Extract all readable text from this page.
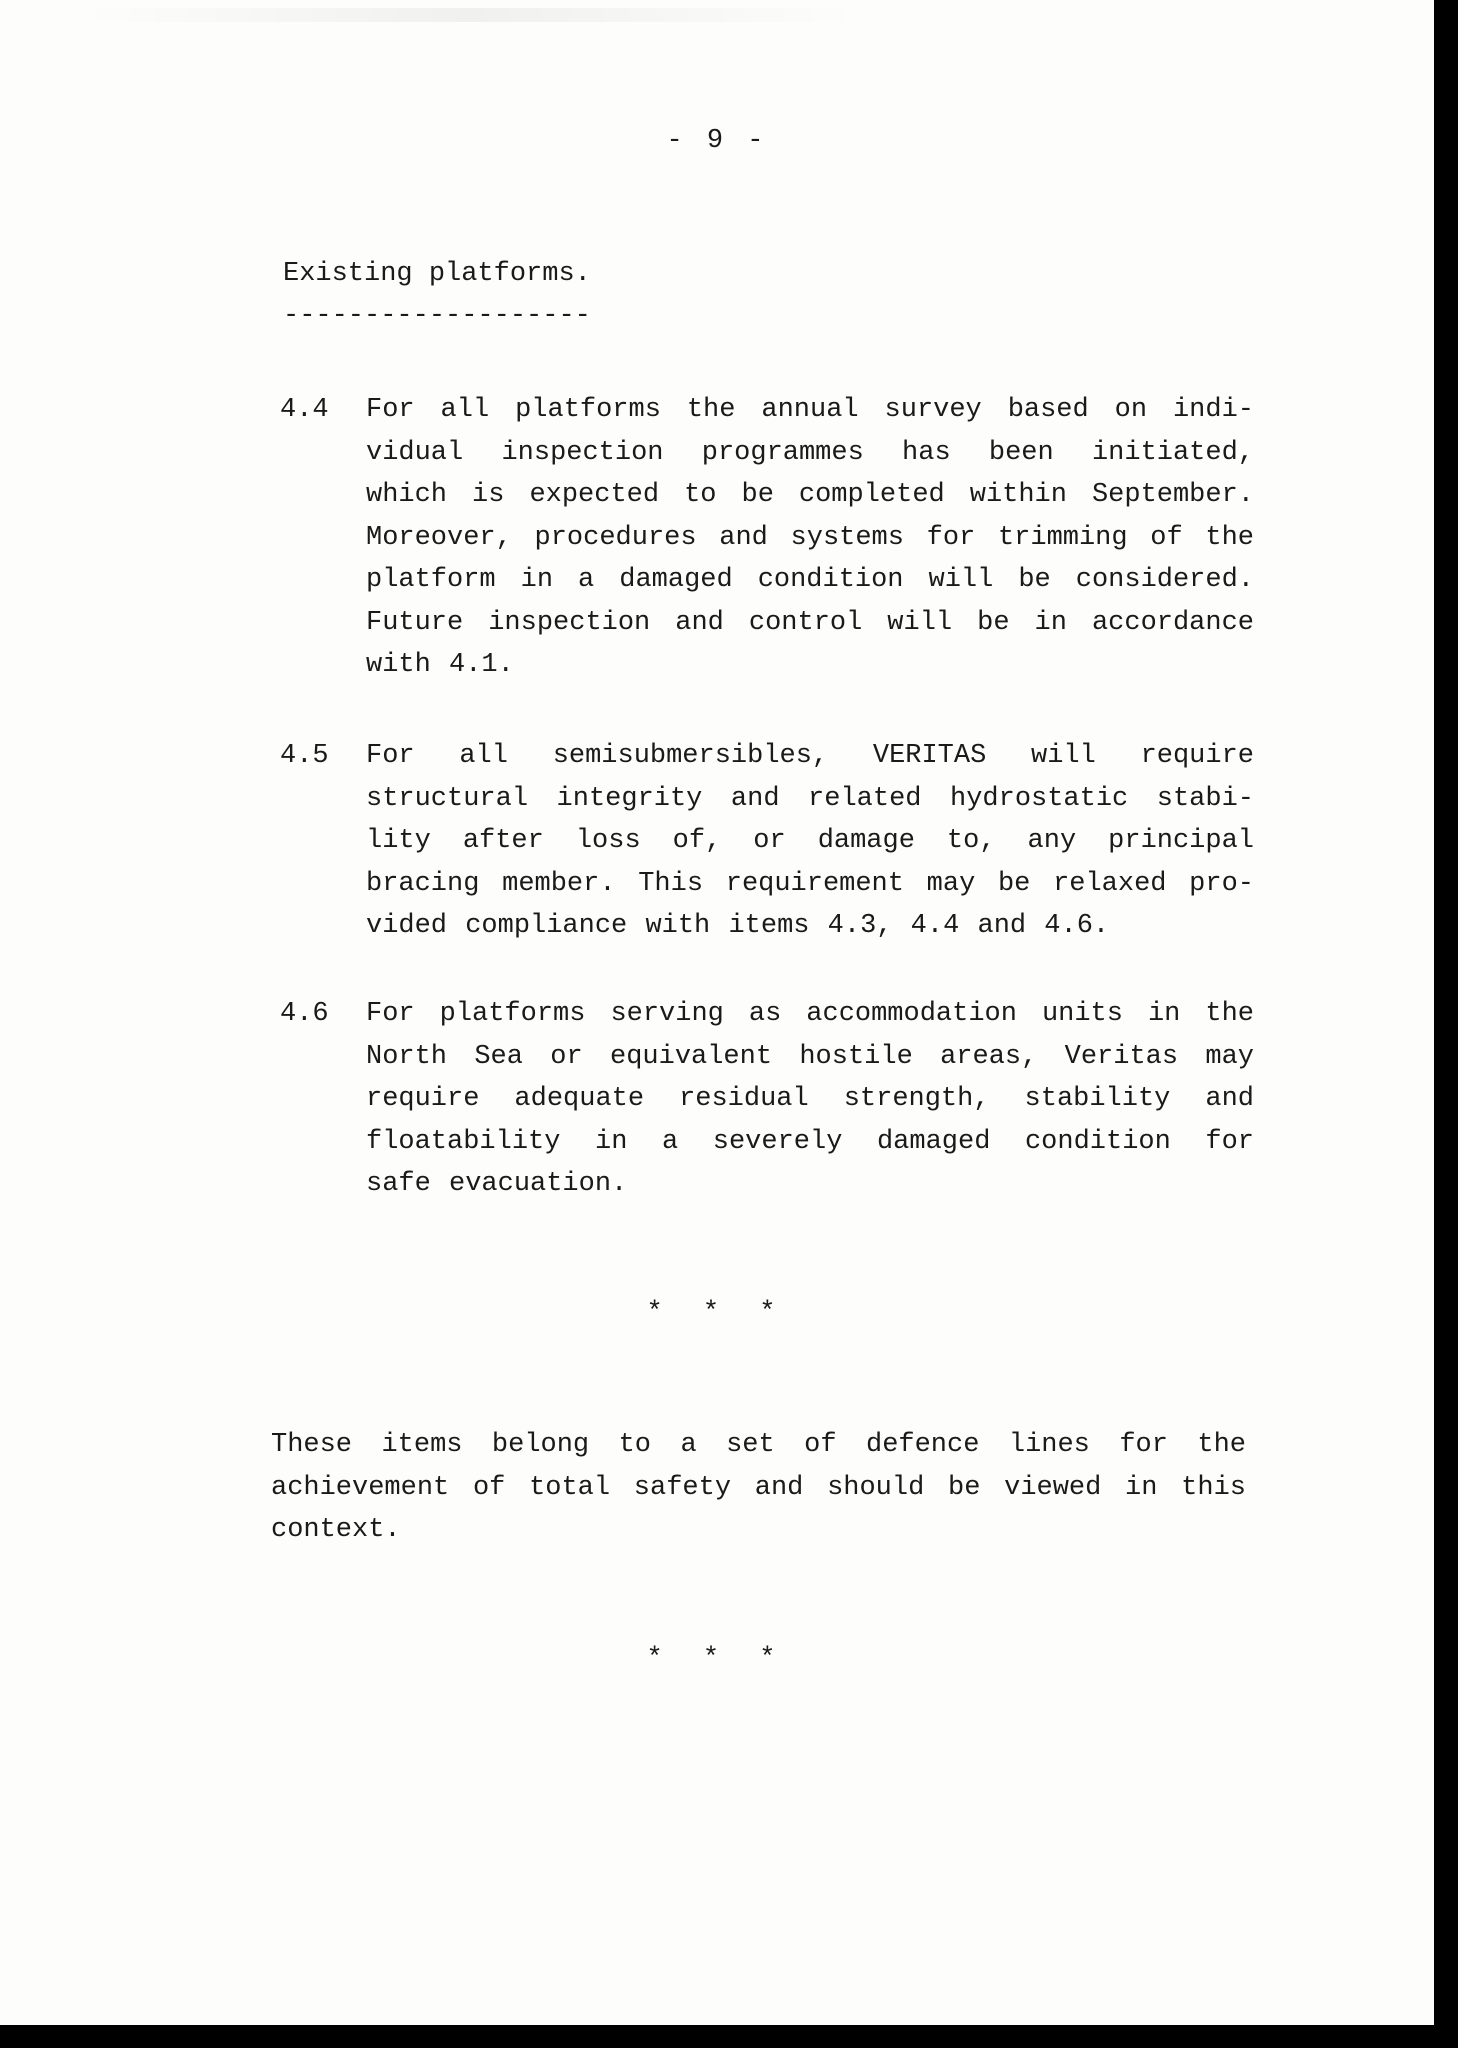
- 9 -
Existing platforms.
-------------------
4.4	For all platforms the annual survey based on indi-
vidual inspection programmes has been initiated,
which is expected to be completed within September.
Moreover, procedures and systems for trimming of the
platform in a damaged condition will be considered.
Future inspection and control will be in accordance
with 4.1.
4.5	For all semisubmersibles, VERITAS will require
structural integrity and related hydrostatic stabi-
lity after loss of, or damage to, any principal
bracing member. This requirement may be relaxed pro-
vided compliance with items 4.3, 4.4 and 4.6.
4.6	For platforms serving as accommodation units in the
North Sea or equivalent hostile areas, Veritas may
require adequate residual strength, stability and
floatability in a severely damaged condition for
safe evacuation.
* * *
These items belong to a set of defence lines for the
achievement of total safety and should be viewed in this
context.
* * *
